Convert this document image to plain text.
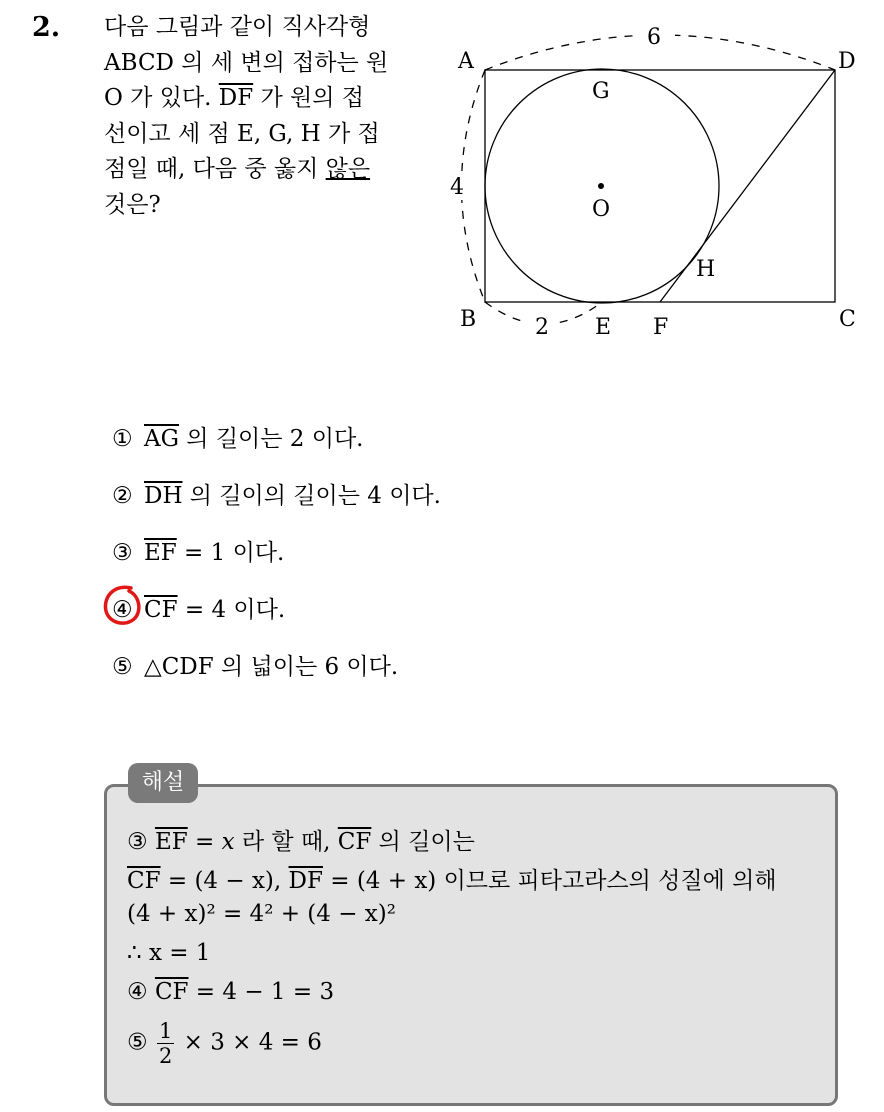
2. 다음 그림과 같이 직사각형
ABCD 의 세 변의 접하는 원
O 가 있다. $\overline{DF}$ 가 원의 접
선이고 세 점 E, G, H 가 접
점일 때, 다음 중 옳지 않은
것은?
6
4
2
A	D
B	C
G
O
H
E F
① $\overline{AG}$ 의 길이는 2 이다.
② $\overline{DH}$ 의 길이의 길이는 4 이다.
③ $\overline{EF} = 1$ 이다.
④ $\overline{CF} = 4$ 이다.
⑤ △CDF 의 넓이는 6 이다.
해설
③ $\overline{EF} = x$ 라 할 때, $\overline{CF}$ 의 길이는
$\overline{CF} = (4 - x)$, $\overline{DF} = (4 + x)$ 이므로 피타고라스의 성질에 의해
(4 + x)² = 4² + (4 − x)²
∴ x = 1
④ $\overline{CF} = 4 - 1 = 3$
⑤ $\frac{1}{2} \times 3 \times 4 = 6$
